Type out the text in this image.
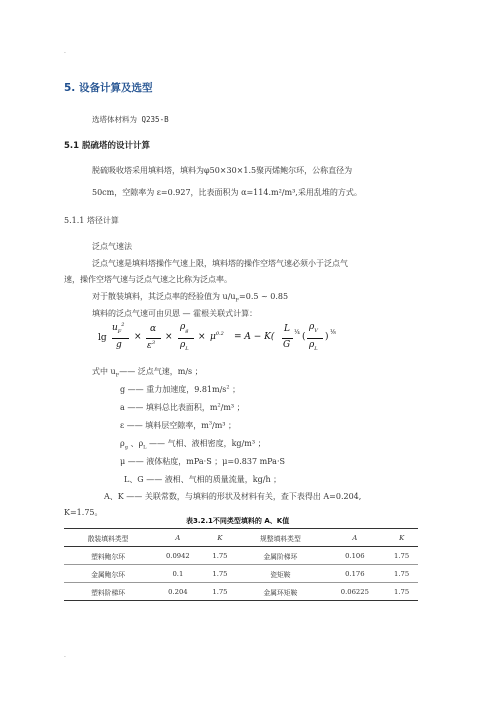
.
5. 设备计算及选型
选塔体材料为 Q235-B
5.1 脱硫塔的设计计算
脱硫吸收塔采用填料塔，填料为φ50×30×1.5聚丙烯鲍尔环，公称直径为
50cm，空隙率为 ε=0.927，比表面积为 α=114.m²/m³,采用乱堆的方式。
5.1.1 塔径计算
泛点气速法
泛点气速是填料塔操作气速上限，填料塔的操作空塔气速必须小于泛点气
速，操作空塔气速与泛点气速之比称为泛点率。
对于散装填料，其泛点率的经验值为 $u/u_F=0.5$ ~ 0.85
填料的泛点气速可由贝恩 — 霍根关联式计算：
lg
$u_F^2$
g
×
α
$\varepsilon^3$
×
$\rho_g$
$\rho_L$
× $\mu^{0.2} = A - K$(
L
G
¼ (
$\rho_V$
$\rho_L$
) ⅛
式中 $u_F——$ 泛点气速，m/s ；
g —— 重力加速度，$9.81m/s^2$ ；
a —— 填料总比表面积，$m^2/m^3$ ；
ε —— 填料层空隙率，$m^3/m^3$ ；
$\rho_g$ 、$\rho_L$ —— 气相、液相密度，kg/m³ ；
μ —— 液体粘度，mPa·S ；μ=0.837 mPa·S
L、G —— 液相、气相的质量流量，kg/h ；
A、K —— 关联常数，与填料的形状及材料有关，查下表得出 A=0.204,
K=1.75。
表3.2.1不同类型填料的 A、K值
散装填料类型	A	K	规整填料类型	A	K
塑料鲍尔环	0.0942	1.75	金属阶梯环	0.106	1.75
金属鲍尔环	0.1	1.75	瓷矩鞍	0.176	1.75
塑料阶梯环	0.204	1.75	金属环矩鞍	0.06225	1.75
.
